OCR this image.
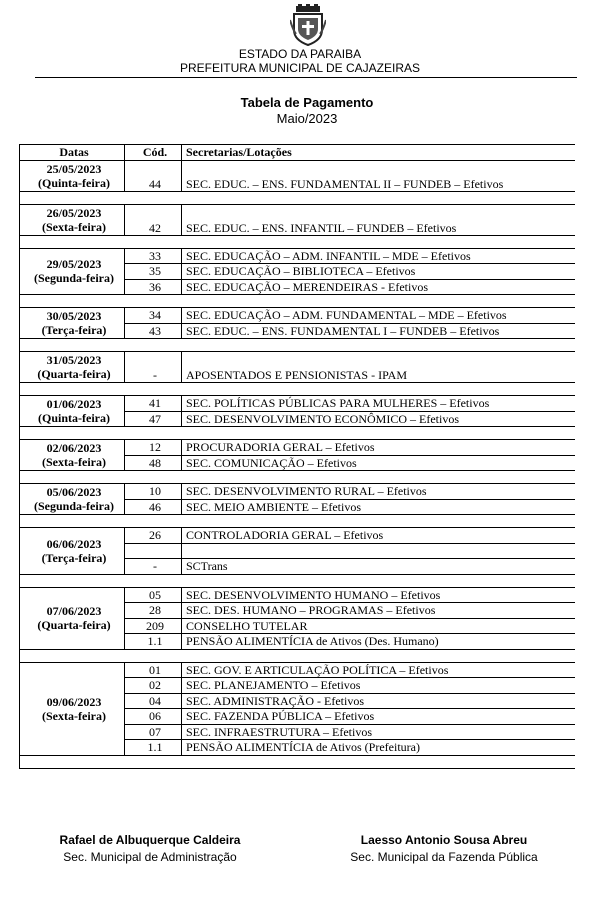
ESTADO DA PARAIBA
PREFEITURA MUNICIPAL DE CAJAZEIRAS
Tabela de Pagamento
Maio/2023
Datas	Cód.	Secretarias/Lotações

25/05/2023
(Quinta-feira)	44	SEC. EDUC. – ENS. FUNDAMENTAL II – FUNDEB – Efetivos

26/05/2023
(Sexta-feira)	42	SEC. EDUC. – ENS. INFANTIL – FUNDEB – Efetivos

29/05/2023
(Segunda-feira)	33	SEC. EDUCAÇÃO – ADM. INFANTIL – MDE – Efetivos
	35	SEC. EDUCAÇÃO – BIBLIOTECA – Efetivos
	36	SEC. EDUCAÇÃO – MERENDEIRAS - Efetivos

30/05/2023
(Terça-feira)	34	SEC. EDUCAÇÃO – ADM. FUNDAMENTAL – MDE – Efetivos
	43	SEC. EDUC. – ENS. FUNDAMENTAL I – FUNDEB – Efetivos

31/05/2023
(Quarta-feira)	-	APOSENTADOS E PENSIONISTAS - IPAM

01/06/2023
(Quinta-feira)	41	SEC. POLÍTICAS PÚBLICAS PARA MULHERES – Efetivos
	47	SEC. DESENVOLVIMENTO ECONÔMICO – Efetivos

02/06/2023
(Sexta-feira)	12	PROCURADORIA GERAL – Efetivos
	48	SEC. COMUNICAÇÃO – Efetivos

05/06/2023
(Segunda-feira)	10	SEC. DESENVOLVIMENTO RURAL – Efetivos
	46	SEC. MEIO AMBIENTE – Efetivos

06/06/2023
(Terça-feira)	26	CONTROLADORIA GERAL – Efetivos

	-	SCTrans

07/06/2023
(Quarta-feira)	05	SEC. DESENVOLVIMENTO HUMANO – Efetivos
	28	SEC. DES. HUMANO – PROGRAMAS – Efetivos
	209	CONSELHO TUTELAR
	1.1	PENSÃO ALIMENTÍCIA de Ativos (Des. Humano)

09/06/2023
(Sexta-feira)	01	SEC. GOV. E ARTICULAÇÃO POLÍTICA – Efetivos
	02	SEC. PLANEJAMENTO – Efetivos
	04	SEC. ADMINISTRAÇÃO - Efetivos
	06	SEC. FAZENDA PÚBLICA – Efetivos
	07	SEC. INFRAESTRUTURA – Efetivos
	1.1	PENSÃO ALIMENTÍCIA de Ativos (Prefeitura)

Rafael de Albuquerque Caldeira
Sec. Municipal de Administração
Laesso Antonio Sousa Abreu
Sec. Municipal da Fazenda Pública
